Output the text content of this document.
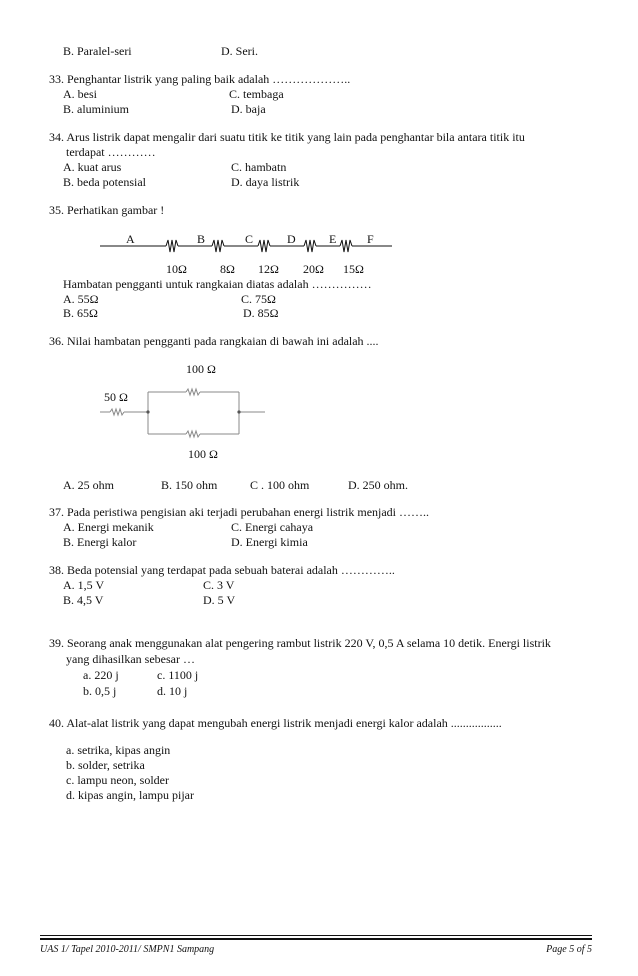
B. Paralel-seri	D. Seri.
33. Penghantar listrik yang paling baik adalah ………………..
A. besi	C. tembaga
B. aluminium	D. baja
34. Arus listrik dapat mengalir dari suatu titik ke titik yang lain pada penghantar bila antara titik itu
terdapat …………
A. kuat arus	C. hambatn
B. beda potensial	D. daya listrik
35. Perhatikan gambar !
A	B	C	D	E	F
10Ω	8Ω 12Ω 20Ω 15Ω
Hambatan pengganti untuk rangkaian diatas adalah ……………
A. 55Ω	C. 75Ω
B. 65Ω	D. 85Ω
36. Nilai hambatan pengganti pada rangkaian di bawah ini adalah ....
100 Ω
50 Ω
100 Ω
A. 25 ohm	B. 150 ohm	C . 100 ohm	D. 250 ohm.
37. Pada peristiwa pengisian aki terjadi perubahan energi listrik menjadi ……..
A. Energi mekanik	C. Energi cahaya
B. Energi kalor	D. Energi kimia
38. Beda potensial yang terdapat pada sebuah baterai adalah …………..
A. 1,5 V	C. 3 V
B. 4,5 V	D. 5 V
39. Seorang anak menggunakan alat pengering rambut listrik 220 V, 0,5 A selama 10 detik. Energi listrik
yang dihasilkan sebesar …
a. 220 j	c. 1100 j
b. 0,5 j	d. 10 j
40. Alat-alat listrik yang dapat mengubah energi listrik menjadi energi kalor adalah .................
a. setrika, kipas angin
b. solder, setrika
c. lampu neon, solder
d. kipas angin, lampu pijar
UAS 1/ Tapel 2010-2011/ SMPN1 Sampang	Page 5 of 5
